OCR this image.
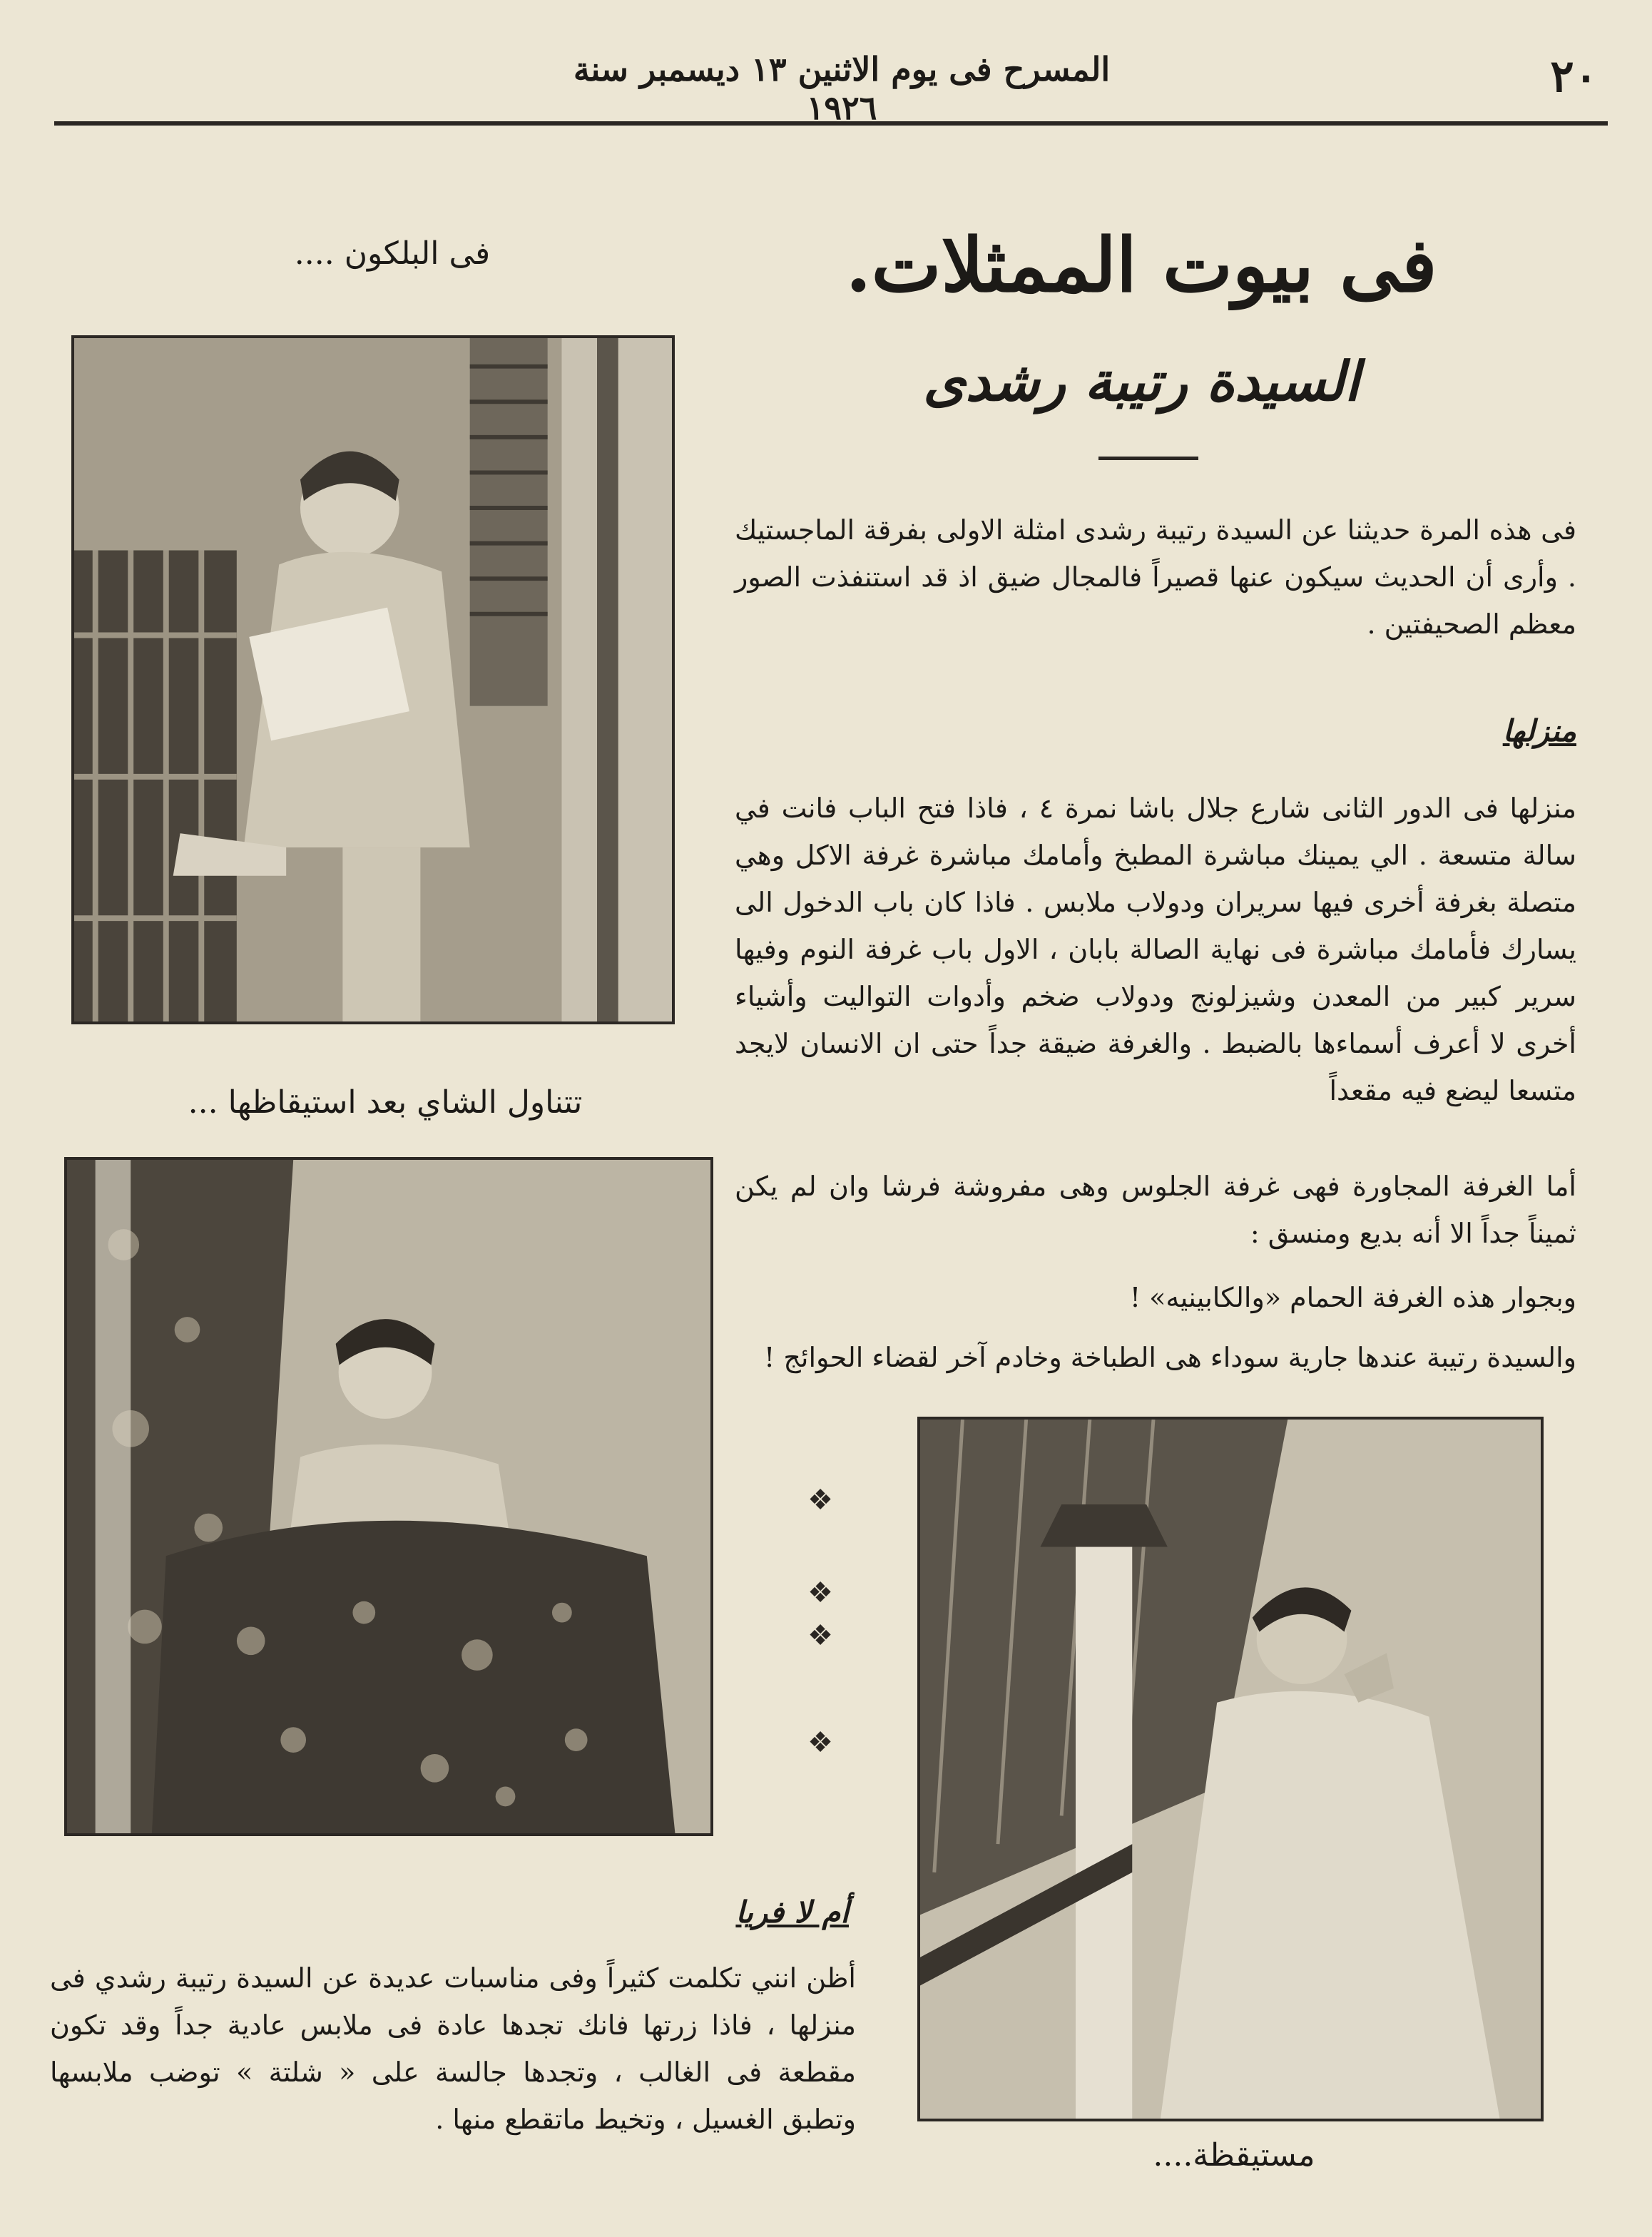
٢٠
المسرح فى يوم الاثنين ١٣ ديسمبر سنة ١٩٢٦
فى بيوت الممثلات.
السيدة رتيبة رشدى
فى هذه المرة حديثنا عن السيدة رتيبة رشدى امثلة الاولى بفرقة الماجستيك . وأرى أن الحديث سيكون عنها قصيراً فالمجال ضيق اذ قد استنفذت الصور معظم الصحيفتين .
منزلها
منزلها فى الدور الثانى شارع جلال باشا نمرة ٤ ، فاذا فتح الباب فانت في سالة متسعة . الي يمينك مباشرة المطبخ وأمامك مباشرة غرفة الاكل وهي متصلة بغرفة أخرى فيها سريران ودولاب ملابس . فاذا كان باب الدخول الى يسارك فأمامك مباشرة فى نهاية الصالة بابان ، الاول باب غرفة النوم وفيها سرير كبير من المعدن وشيزلونج ودولاب ضخم وأدوات التواليت وأشياء أخرى لا أعرف أسماءها بالضبط . والغرفة ضيقة جداً حتى ان الانسان لايجد متسعا ليضع فيه مقعداً
أما الغرفة المجاورة فهى غرفة الجلوس وهى مفروشة فرشا وان لم يكن ثميناً جداً الا أنه بديع ومنسق :
وبجوار هذه الغرفة الحمام «والكابينيه» !
والسيدة رتيبة عندها جارية سوداء هى الطباخة وخادم آخر لقضاء الحوائج !
فى البلكون ....
تتناول الشاي بعد استيقاظها ...
❖
❖
❖
❖
مستيقظة....
أم لا فريا
أظن انني تكلمت كثيراً وفى مناسبات عديدة عن السيدة رتيبة رشدي فى منزلها ، فاذا زرتها فانك تجدها عادة فى ملابس عادية جداً وقد تكون مقطعة فى الغالب ، وتجدها جالسة على « شلتة » توضب ملابسها وتطبق الغسيل ، وتخيط ماتقطع منها .
